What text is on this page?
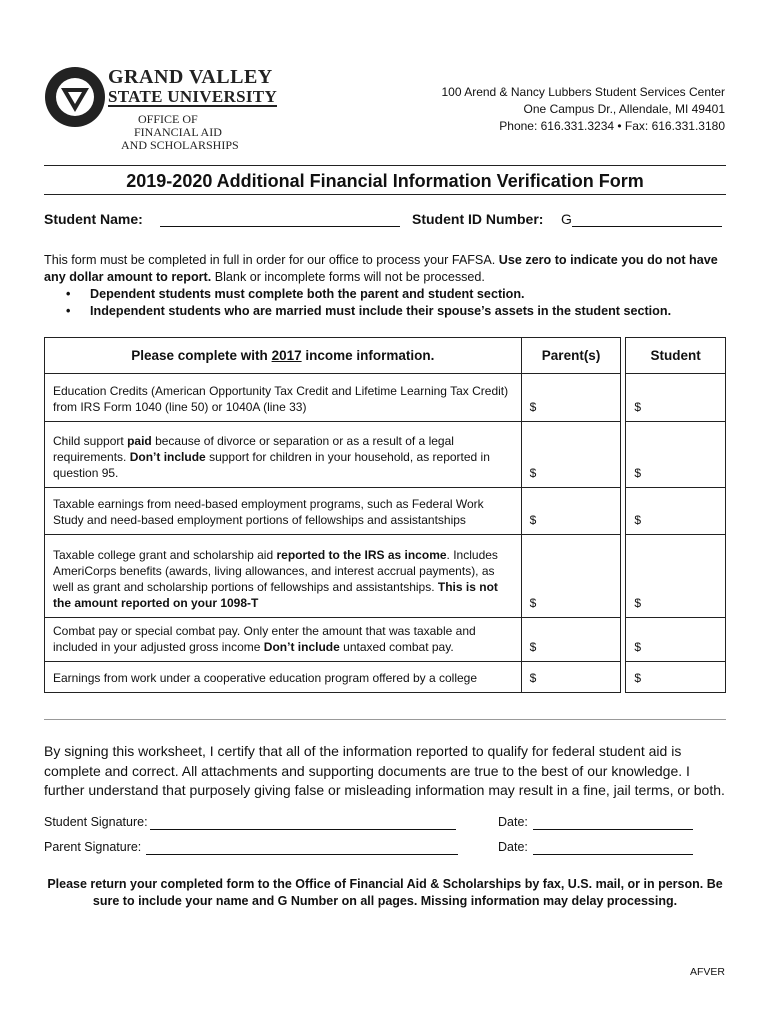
GRAND VALLEY
STATE UNIVERSITY
OFFICE OF
FINANCIAL AID
AND SCHOLARSHIPS
100 Arend & Nancy Lubbers Student Services Center
One Campus Dr., Allendale, MI 49401
Phone: 616.331.3234 • Fax: 616.331.3180
2019-2020 Additional Financial Information Verification Form
Student Name:	Student ID Number: G
This form must be completed in full in order for our office to process your FAFSA. Use zero to indicate you do not have any dollar amount to report. Blank or incomplete forms will not be processed.
• Dependent students must complete both the parent and student section.
• Independent students who are married must include their spouse’s assets in the student section.
Please complete with 2017 income information.	Parent(s)		Student
Education Credits (American Opportunity Tax Credit and Lifetime Learning Tax Credit) from IRS Form 1040 (line 50) or 1040A (line 33)	$		$
Child support paid because of divorce or separation or as a result of a legal requirements. Don’t include support for children in your household, as reported in question 95.	$		$
Taxable earnings from need-based employment programs, such as Federal Work Study and need-based employment portions of fellowships and assistantships	$		$
Taxable college grant and scholarship aid reported to the IRS as income. Includes AmeriCorps benefits (awards, living allowances, and interest accrual payments), as well as grant and scholarship portions of fellowships and assistantships. This is not the amount reported on your 1098-T	$		$
Combat pay or special combat pay. Only enter the amount that was taxable and included in your adjusted gross income Don’t include untaxed combat pay.	$		$
Earnings from work under a cooperative education program offered by a college	$		$
By signing this worksheet, I certify that all of the information reported to qualify for federal student aid is complete and correct. All attachments and supporting documents are true to the best of our knowledge. I further understand that purposely giving false or misleading information may result in a fine, jail terms, or both.
Student Signature:	Date:
Parent Signature:	Date:
Please return your completed form to the Office of Financial Aid & Scholarships by fax, U.S. mail, or in person. Be sure to include your name and G Number on all pages. Missing information may delay processing.
AFVER
